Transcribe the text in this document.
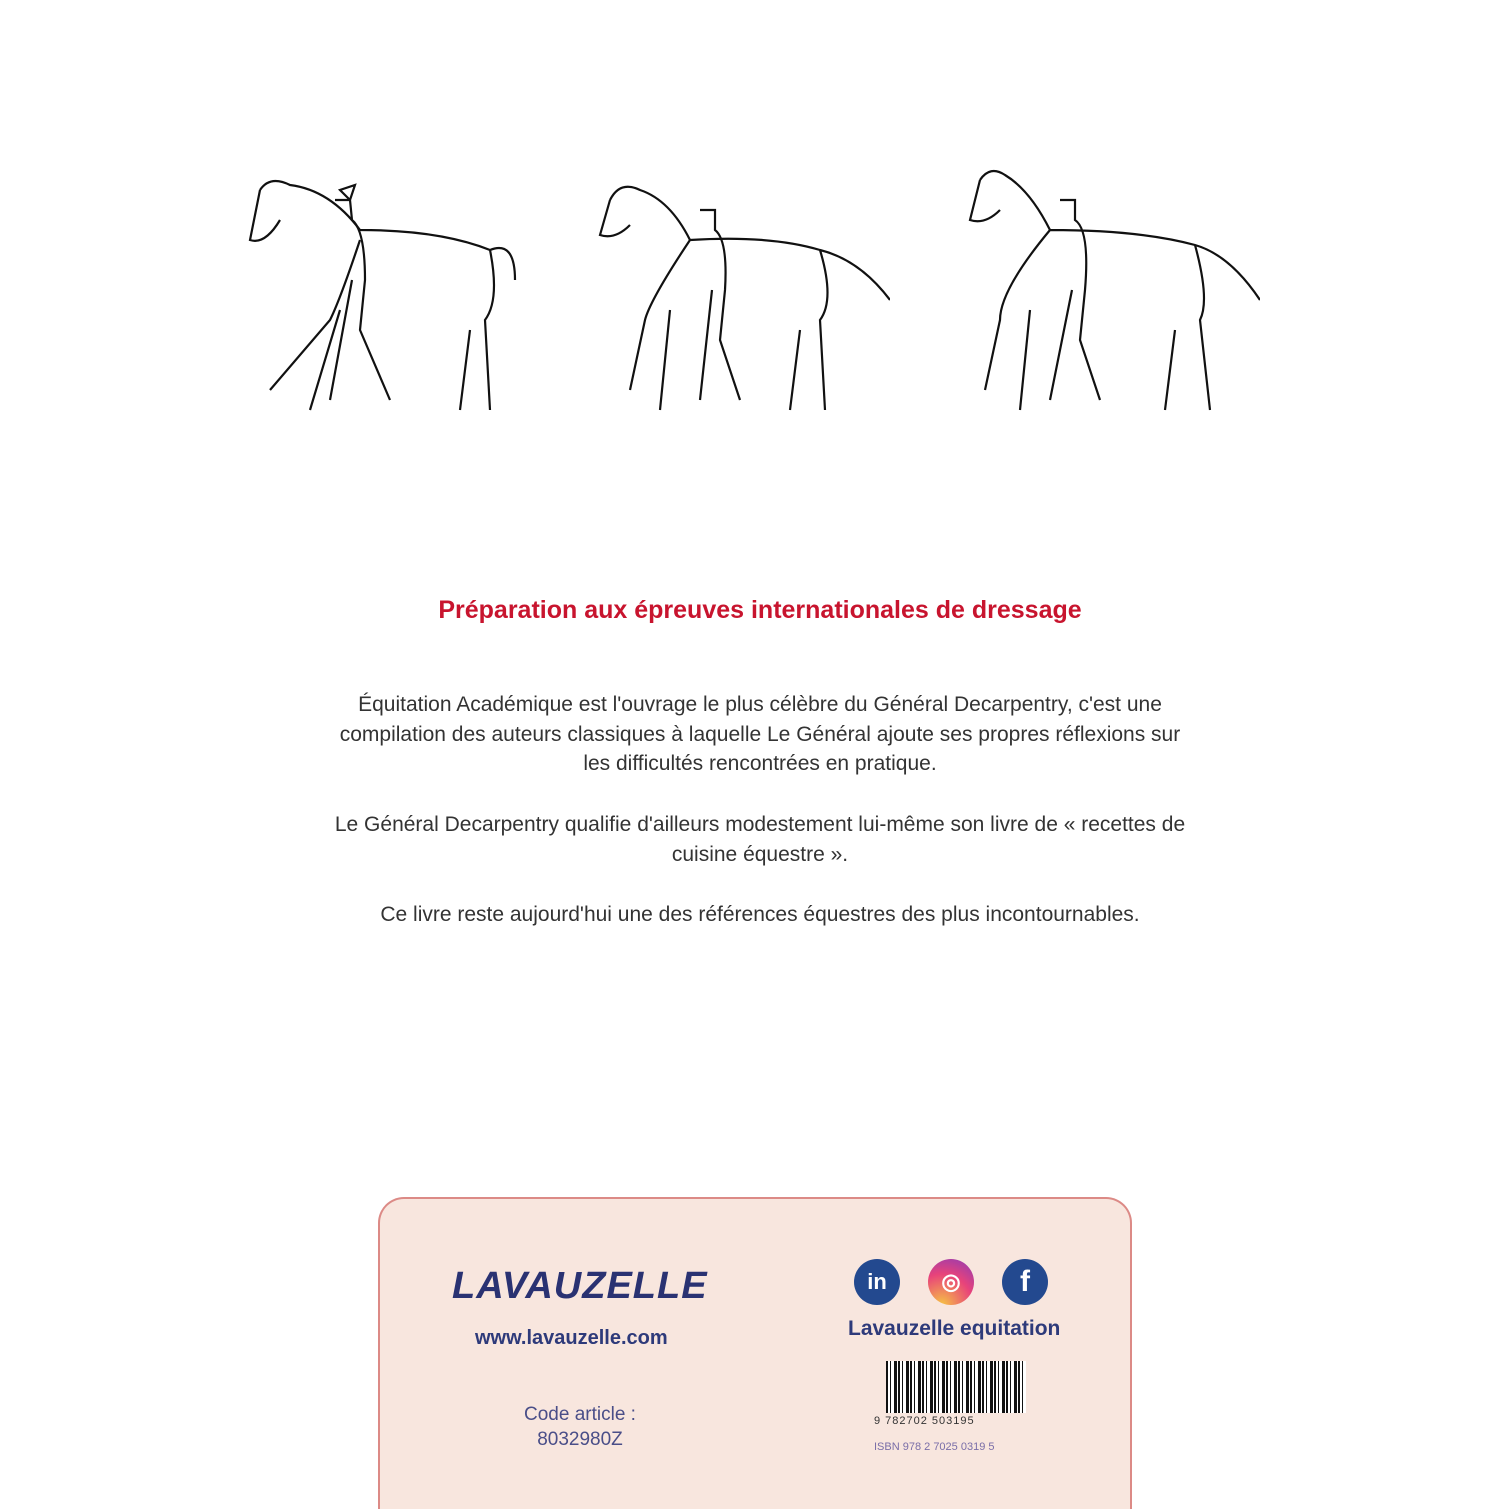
Préparation aux épreuves internationales de dressage
Équitation Académique est l'ouvrage le plus célèbre du Général Decarpentry, c'est une compilation des auteurs classiques à laquelle Le Général ajoute ses propres réflexions sur les difficultés rencontrées en pratique.
Le Général Decarpentry qualifie d'ailleurs modestement lui-même son livre de « recettes de cuisine équestre ».
Ce livre reste aujourd'hui une des références équestres des plus incontournables.
LAVAUZELLE
www.lavauzelle.com
Code article :
8032980Z
in	◎	f
Lavauzelle equitation
9 782702 503195
ISBN 978 2 7025 0319 5
